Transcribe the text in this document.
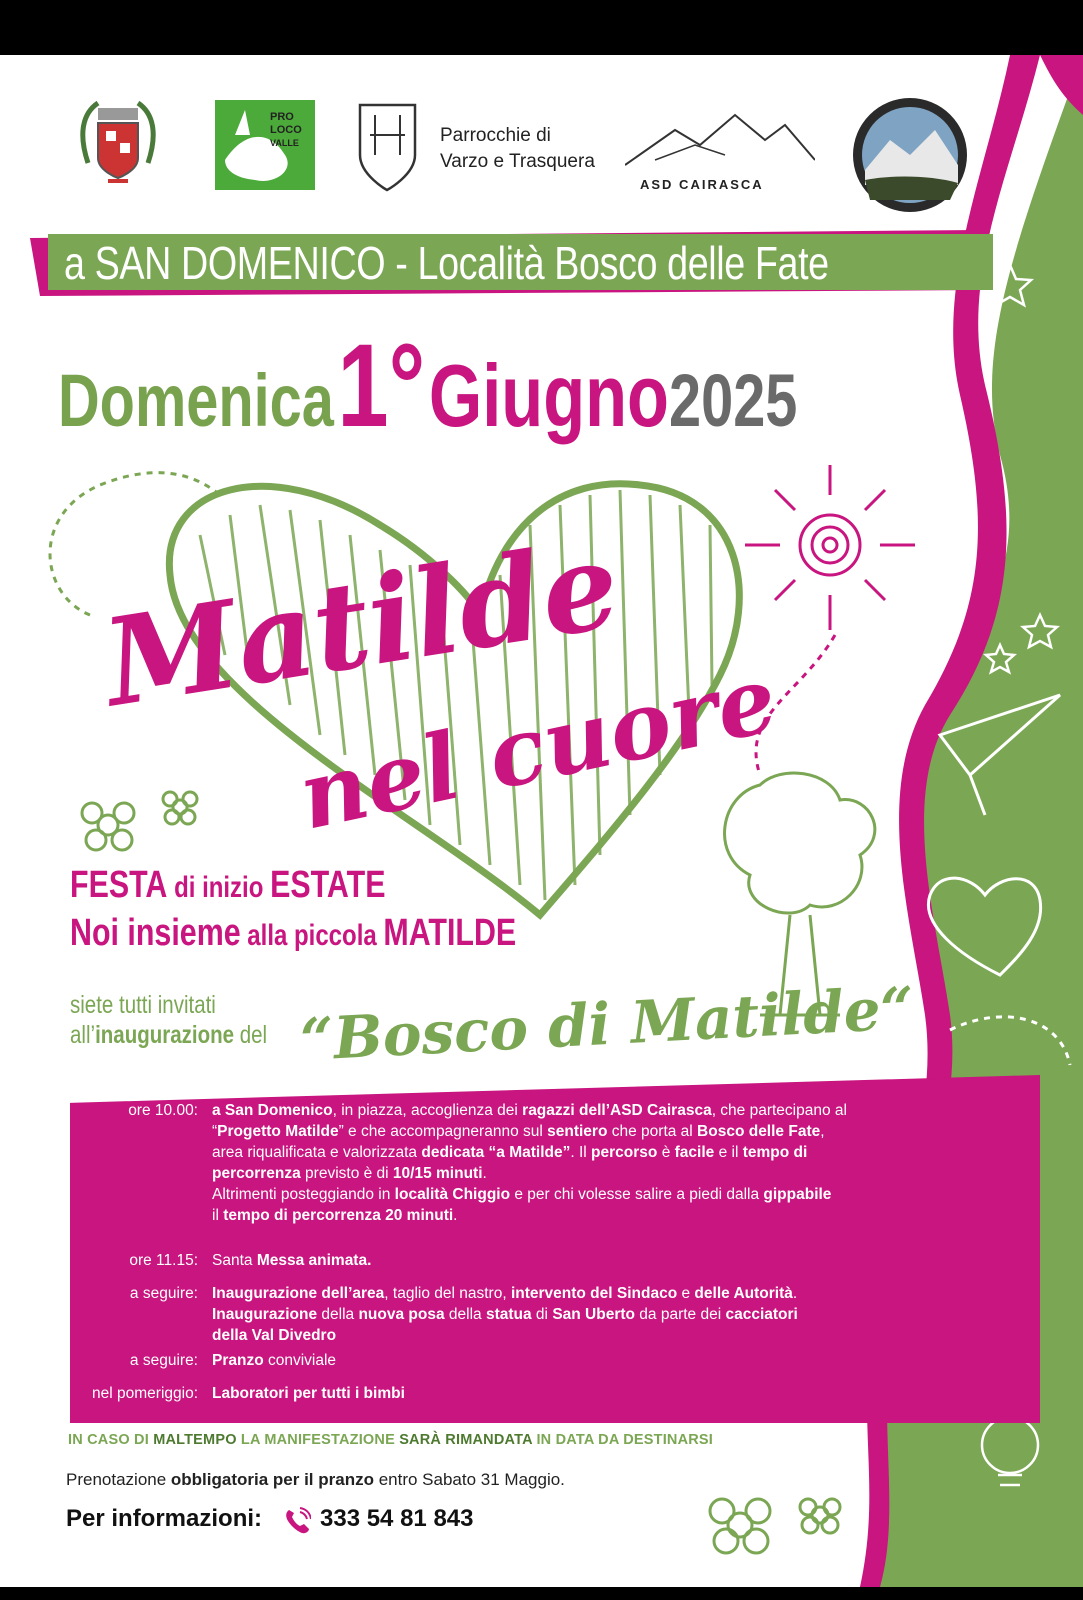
PRO
LOCO
VALLE	Parrocchie di
Varzo e Trasquera
ASD CAIRASCA
a SAN DOMENICO - Località Bosco delle Fate
Domenica 1° Giugno2025
Matilde
nel cuore
FESTA di inizio ESTATE
Noi insieme alla piccola MATILDE
siete tutti invitati
all’inaugurazione del “Bosco di Matilde“
ore 10.00: a San Domenico, in piazza, accoglienza dei ragazzi dell’ASD Cairasca, che partecipano al
“Progetto Matilde” e che accompagneranno sul sentiero che porta al Bosco delle Fate,
area riqualificata e valorizzata dedicata “a Matilde”. Il percorso è facile e il tempo di
percorrenza previsto è di 10/15 minuti.
Altrimenti posteggiando in località Chiggio e per chi volesse salire a piedi dalla gippabile
il tempo di percorrenza 20 minuti.
ore 11.15: Santa Messa animata.
a seguire: Inaugurazione dell’area, taglio del nastro, intervento del Sindaco e delle Autorità.
Inaugurazione della nuova posa della statua di San Uberto da parte dei cacciatori
della Val Divedro
a seguire: Pranzo conviviale
nel pomeriggio: Laboratori per tutti i bimbi
IN CASO DI MALTEMPO LA MANIFESTAZIONE SARÀ RIMANDATA IN DATA DA DESTINARSI
Prenotazione obbligatoria per il pranzo entro Sabato 31 Maggio.
Per informazioni: 333 54 81 843
